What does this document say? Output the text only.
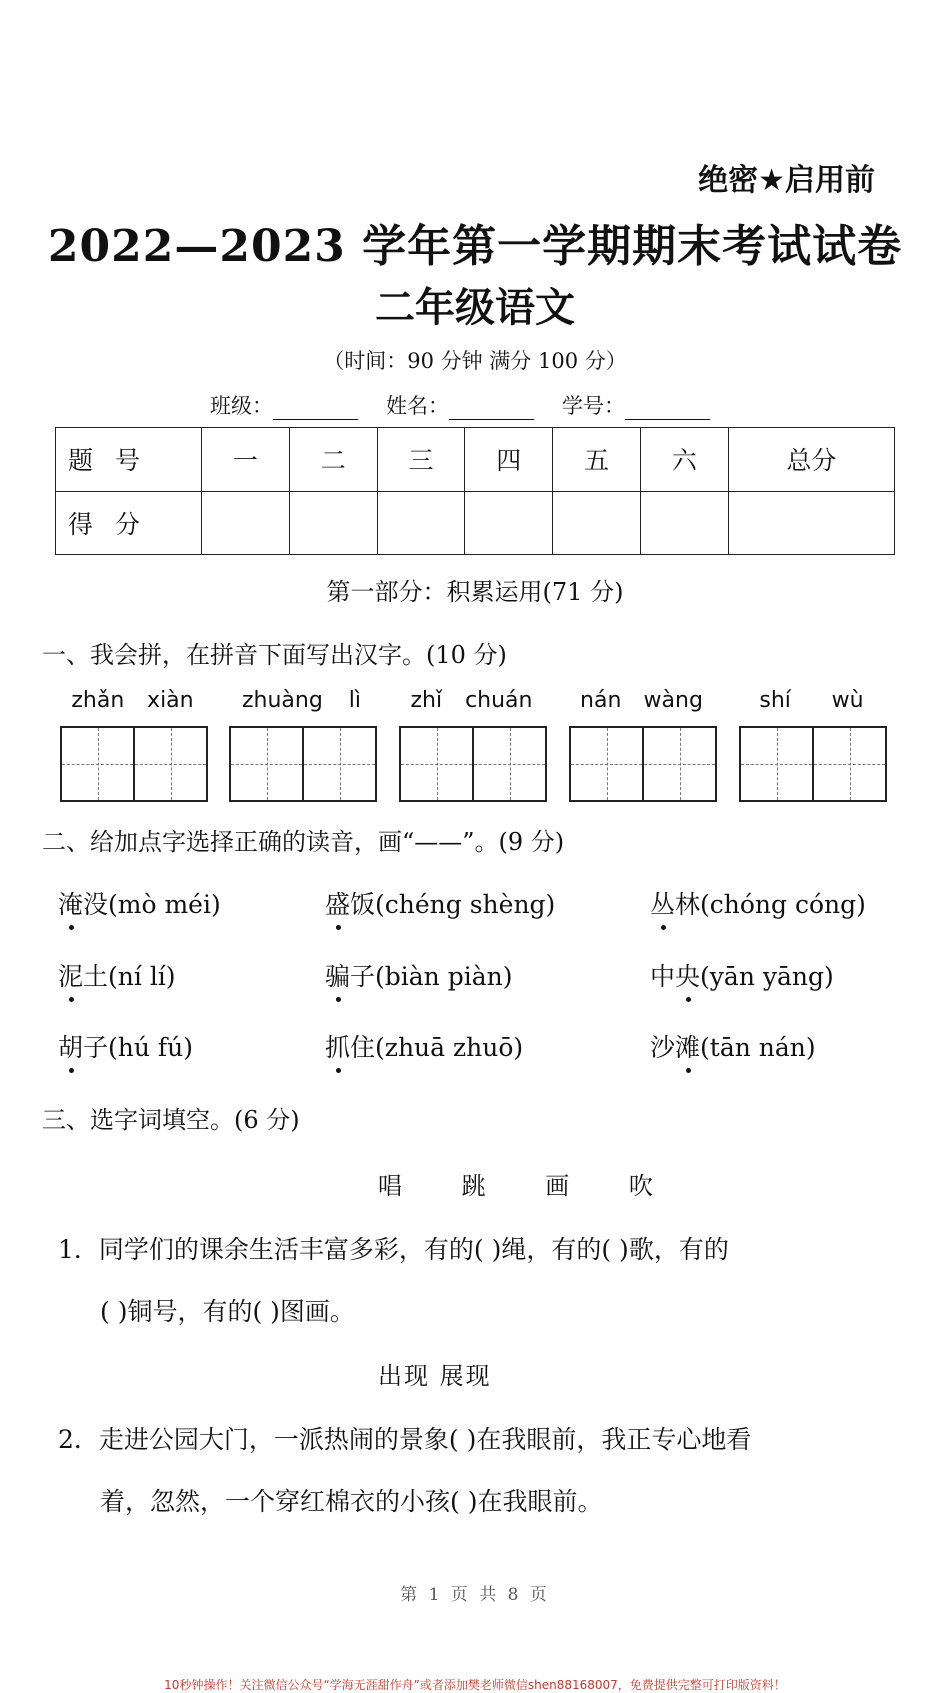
绝密★启用前
2022—2023 学年第一学期期末考试试卷
二年级语文
（时间：90 分钟 满分 100 分）
班级：	姓名：	学号：
题号	一	二	三	四	五	六	总分
得分							
第一部分：积累运用(71 分)
一、我会拼，在拼音下面写出汉字。(10 分)
zhǎn xiàn zhuàng lì zhǐ chuán nán wàng	shí wù
二、给加点字选择正确的读音，画“——”。(9 分)
淹没(mò méi)	盛饭(chéng shèng)	丛林(chóng cóng)
泥土(ní lí)	骗子(biàn piàn)	中央(yān yāng)
胡子(hú fú)	抓住(zhuā zhuō)	沙滩(tān nán)
三、选字词填空。(6 分)
唱 跳 画 吹
1．同学们的课余生活丰富多彩，有的( )绳，有的( )歌，有的
( )铜号，有的( )图画。
出现 展现
2．走进公园大门，一派热闹的景象( )在我眼前，我正专心地看
着，忽然，一个穿红棉衣的小孩( )在我眼前。
第 1 页 共 8 页
10秒钟操作！关注微信公众号“学海无涯甜作舟”或者添加樊老师微信shen88168007，免费提供完整可打印版资料！
